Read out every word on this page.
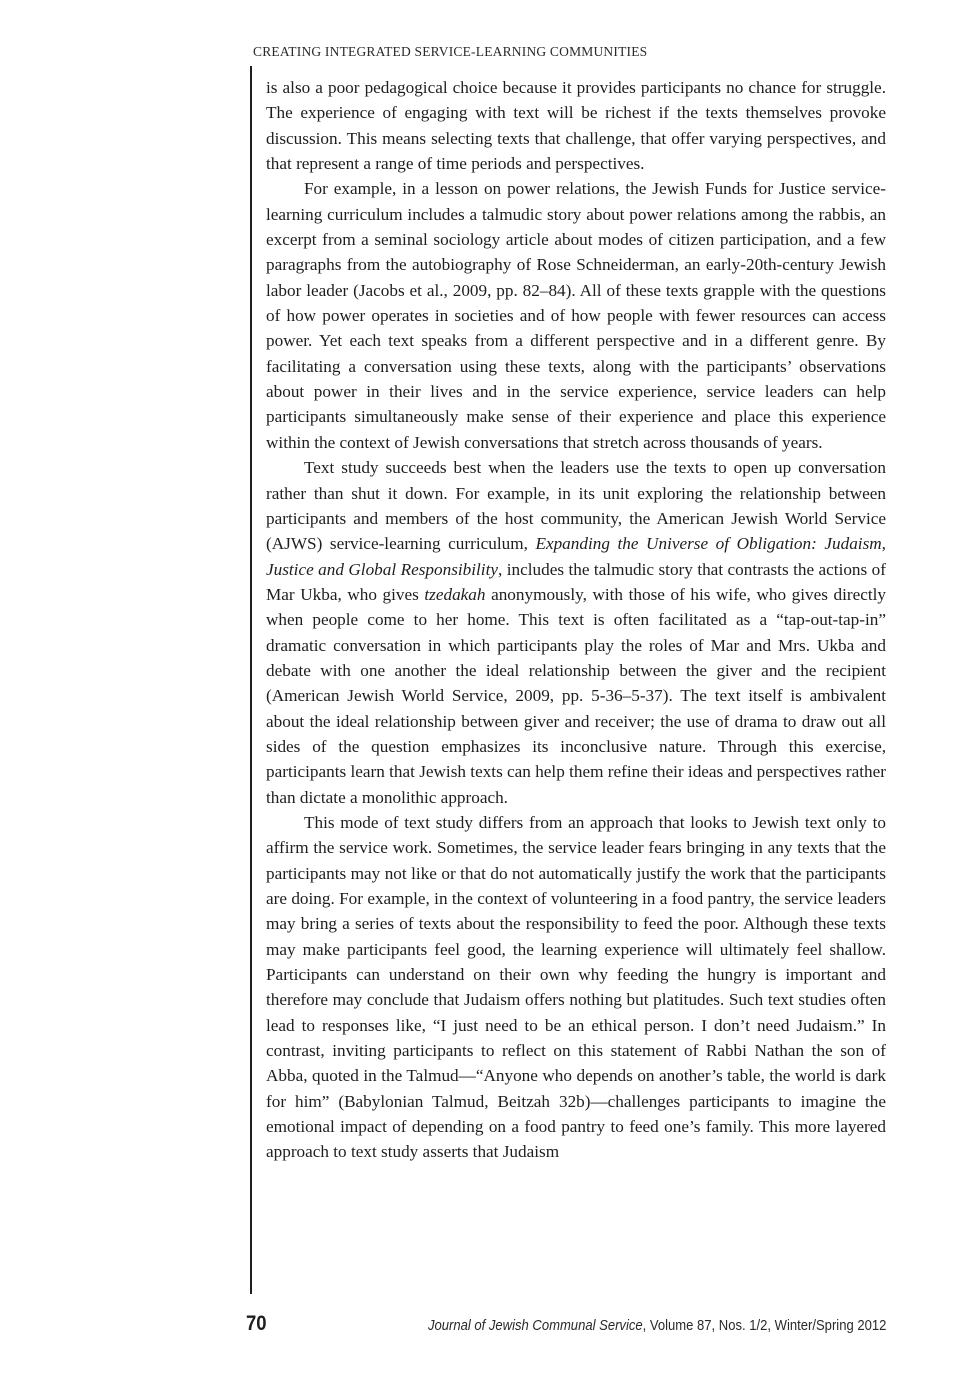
CREATING INTEGRATED SERVICE-LEARNING COMMUNITIES

is also a poor pedagogical choice because it provides participants no chance for struggle. The experience of engaging with text will be richest if the texts themselves provoke discussion. This means selecting texts that challenge, that offer varying perspectives, and that represent a range of time periods and perspectives.

For example, in a lesson on power relations, the Jewish Funds for Justice service-learning curriculum includes a talmudic story about power relations among the rabbis, an excerpt from a seminal sociology article about modes of citizen participation, and a few paragraphs from the autobiography of Rose Schneiderman, an early-20th-century Jewish labor leader (Jacobs et al., 2009, pp. 82–84). All of these texts grapple with the questions of how power operates in societies and of how people with fewer resources can access power. Yet each text speaks from a different perspective and in a different genre. By facilitating a conversation using these texts, along with the participants’ observations about power in their lives and in the service experience, service leaders can help participants simultaneously make sense of their experience and place this experience within the context of Jewish conversations that stretch across thousands of years.

Text study succeeds best when the leaders use the texts to open up conversation rather than shut it down. For example, in its unit exploring the relationship between participants and members of the host community, the American Jewish World Service (AJWS) service-learning curriculum, Expanding the Universe of Obligation: Judaism, Justice and Global Responsibility, includes the talmudic story that contrasts the actions of Mar Ukba, who gives tzedakah anonymously, with those of his wife, who gives directly when people come to her home. This text is often facilitated as a “tap-out-tap-in” dramatic conversation in which participants play the roles of Mar and Mrs. Ukba and debate with one another the ideal relationship between the giver and the recipient (American Jewish World Service, 2009, pp. 5-36–5-37). The text itself is ambivalent about the ideal relationship between giver and receiver; the use of drama to draw out all sides of the question emphasizes its inconclusive nature. Through this exercise, participants learn that Jewish texts can help them refine their ideas and perspectives rather than dictate a monolithic approach.

This mode of text study differs from an approach that looks to Jewish text only to affirm the service work. Sometimes, the service leader fears bringing in any texts that the participants may not like or that do not automatically justify the work that the participants are doing. For example, in the context of volunteering in a food pantry, the service leaders may bring a series of texts about the responsibility to feed the poor. Although these texts may make participants feel good, the learning experience will ultimately feel shallow. Participants can understand on their own why feeding the hungry is important and therefore may conclude that Judaism offers nothing but platitudes. Such text studies often lead to responses like, “I just need to be an ethical person. I don’t need Judaism.” In contrast, inviting participants to reflect on this statement of Rabbi Nathan the son of Abba, quoted in the Talmud—“Anyone who depends on another’s table, the world is dark for him” (Babylonian Talmud, Beitzah 32b)—challenges participants to imagine the emotional impact of depending on a food pantry to feed one’s family. This more layered approach to text study asserts that Judaism

70	Journal of Jewish Communal Service, Volume 87, Nos. 1/2, Winter/Spring 2012
